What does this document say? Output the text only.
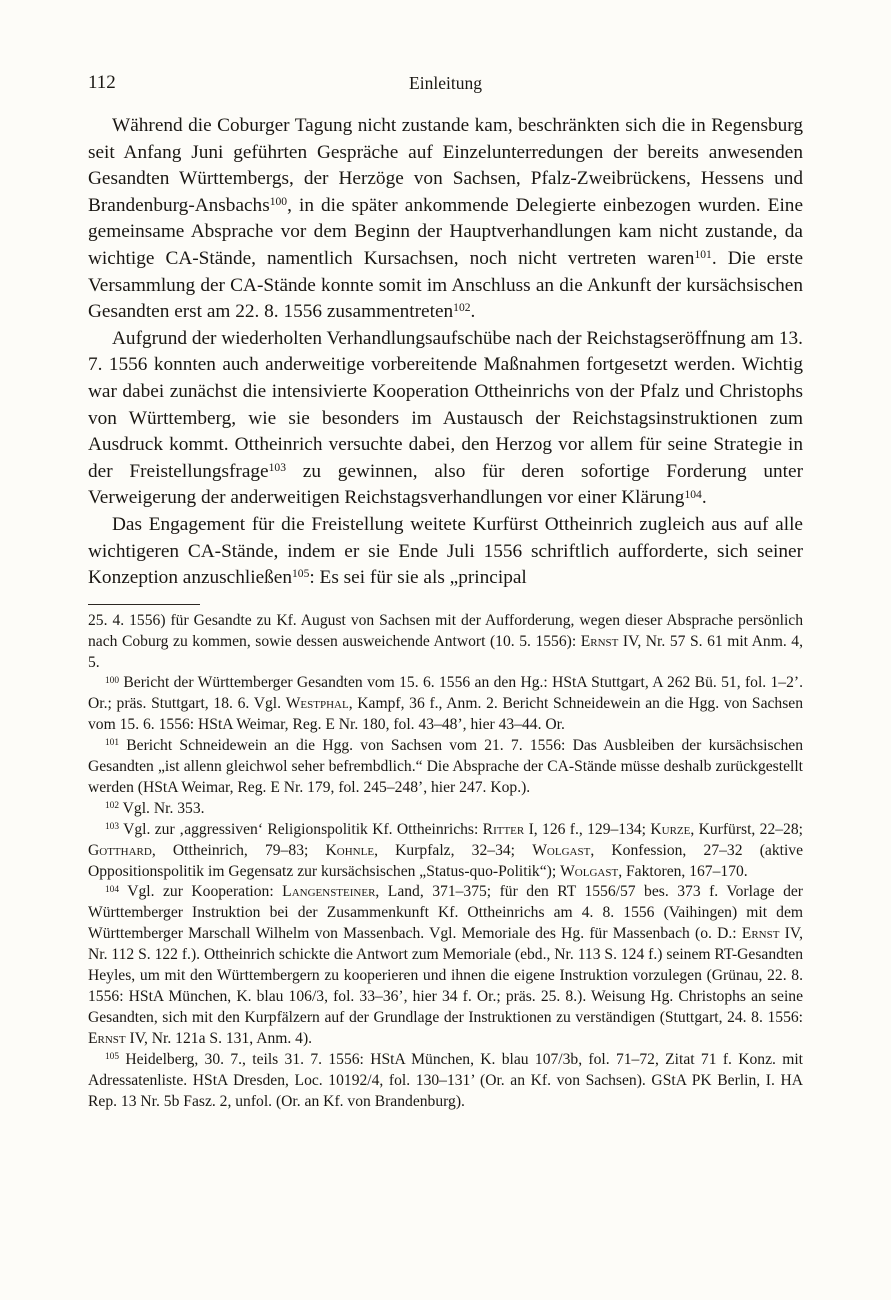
112	Einleitung

Während die Coburger Tagung nicht zustande kam, beschränkten sich die in Regensburg seit Anfang Juni geführten Gespräche auf Einzelunterredungen der bereits anwesenden Gesandten Württembergs, der Herzöge von Sachsen, Pfalz-Zweibrückens, Hessens und Brandenburg-Ansbachs$^{100}$, in die später ankommende Delegierte einbezogen wurden. Eine gemeinsame Absprache vor dem Beginn der Hauptverhandlungen kam nicht zustande, da wichtige CA-Stände, namentlich Kursachsen, noch nicht vertreten waren$^{101}$. Die erste Versammlung der CA-Stände konnte somit im Anschluss an die Ankunft der kursächsischen Gesandten erst am 22. 8. 1556 zusammentreten$^{102}$.

Aufgrund der wiederholten Verhandlungsaufschübe nach der Reichstagseröffnung am 13. 7. 1556 konnten auch anderweitige vorbereitende Maßnahmen fortgesetzt werden. Wichtig war dabei zunächst die intensivierte Kooperation Ottheinrichs von der Pfalz und Christophs von Württemberg, wie sie besonders im Austausch der Reichstagsinstruktionen zum Ausdruck kommt. Ottheinrich versuchte dabei, den Herzog vor allem für seine Strategie in der Freistellungsfrage$^{103}$ zu gewinnen, also für deren sofortige Forderung unter Verweigerung der anderweitigen Reichstagsverhandlungen vor einer Klärung$^{104}$.

Das Engagement für die Freistellung weitete Kurfürst Ottheinrich zugleich aus auf alle wichtigeren CA-Stände, indem er sie Ende Juli 1556 schriftlich aufforderte, sich seiner Konzeption anzuschließen$^{105}$: Es sei für sie als „principal

25. 4. 1556) für Gesandte zu Kf. August von Sachsen mit der Aufforderung, wegen dieser Absprache persönlich nach Coburg zu kommen, sowie dessen ausweichende Antwort (10. 5. 1556): Ernst IV, Nr. 57 S. 61 mit Anm. 4, 5.

$^{100}$ Bericht der Württemberger Gesandten vom 15. 6. 1556 an den Hg.: HStA Stuttgart, A 262 Bü. 51, fol. 1–2’. Or.; präs. Stuttgart, 18. 6. Vgl. Westphal, Kampf, 36 f., Anm. 2. Bericht Schneidewein an die Hgg. von Sachsen vom 15. 6. 1556: HStA Weimar, Reg. E Nr. 180, fol. 43–48’, hier 43–44. Or.

$^{101}$ Bericht Schneidewein an die Hgg. von Sachsen vom 21. 7. 1556: Das Ausbleiben der kursächsischen Gesandten „ist allenn gleichwol seher befrembdlich.“ Die Absprache der CA-Stände müsse deshalb zurückgestellt werden (HStA Weimar, Reg. E Nr. 179, fol. 245–248’, hier 247. Kop.).

$^{102}$ Vgl. Nr. 353.

$^{103}$ Vgl. zur ‚aggressiven‘ Religionspolitik Kf. Ottheinrichs: Ritter I, 126 f., 129–134; Kurze, Kurfürst, 22–28; Gotthard, Ottheinrich, 79–83; Kohnle, Kurpfalz, 32–34; Wolgast, Konfession, 27–32 (aktive Oppositionspolitik im Gegensatz zur kursächsischen „Status-quo-Politik“); Wolgast, Faktoren, 167–170.

$^{104}$ Vgl. zur Kooperation: Langensteiner, Land, 371–375; für den RT 1556/57 bes. 373 f. Vorlage der Württemberger Instruktion bei der Zusammenkunft Kf. Ottheinrichs am 4. 8. 1556 (Vaihingen) mit dem Württemberger Marschall Wilhelm von Massenbach. Vgl. Memoriale des Hg. für Massenbach (o. D.: Ernst IV, Nr. 112 S. 122 f.). Ottheinrich schickte die Antwort zum Memoriale (ebd., Nr. 113 S. 124 f.) seinem RT-Gesandten Heyles, um mit den Württembergern zu kooperieren und ihnen die eigene Instruktion vorzulegen (Grünau, 22. 8. 1556: HStA München, K. blau 106/3, fol. 33–36’, hier 34 f. Or.; präs. 25. 8.). Weisung Hg. Christophs an seine Gesandten, sich mit den Kurpfälzern auf der Grundlage der Instruktionen zu verständigen (Stuttgart, 24. 8. 1556: Ernst IV, Nr. 121a S. 131, Anm. 4).

$^{105}$ Heidelberg, 30. 7., teils 31. 7. 1556: HStA München, K. blau 107/3b, fol. 71–72, Zitat 71 f. Konz. mit Adressatenliste. HStA Dresden, Loc. 10192/4, fol. 130–131’ (Or. an Kf. von Sachsen). GStA PK Berlin, I. HA Rep. 13 Nr. 5b Fasz. 2, unfol. (Or. an Kf. von Brandenburg).
